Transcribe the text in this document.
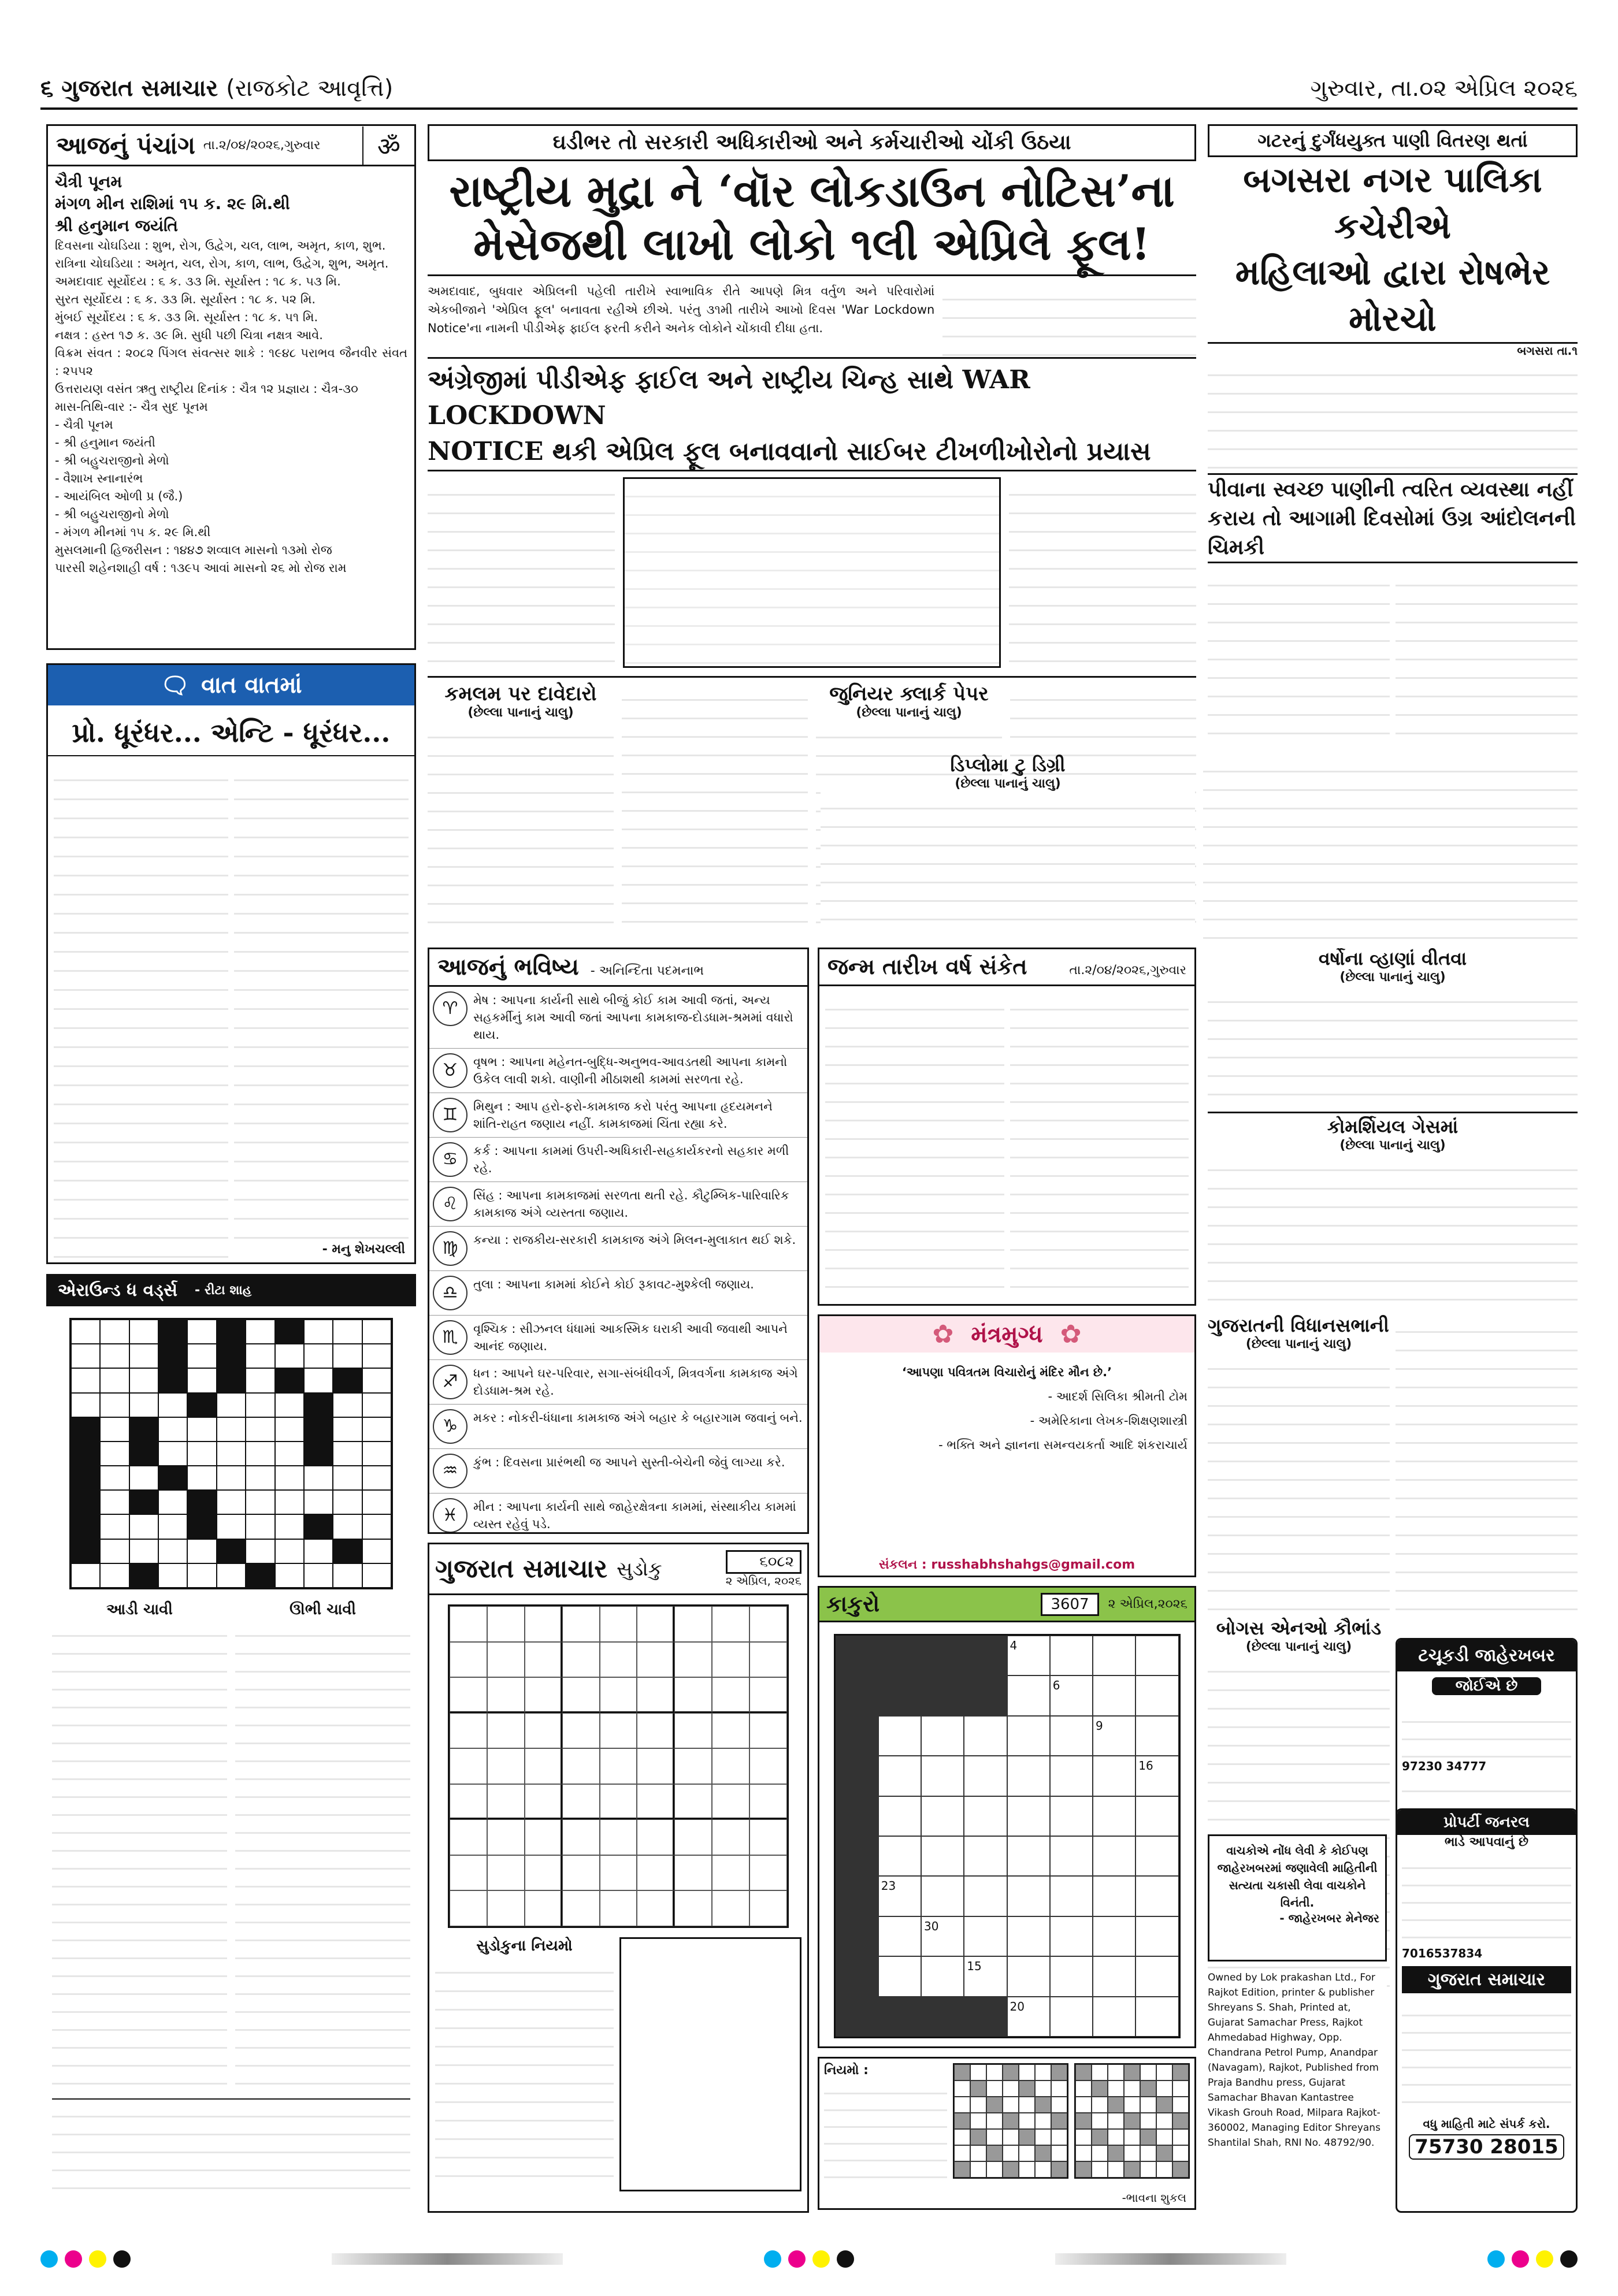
૬ ગુજરાત સમાચાર (રાજકોટ આવૃત્તિ)	ગુરુવાર, તા.૦૨ એપ્રિલ ૨૦૨૬
આજનું પંચાંગ તા.૨/૦૪/૨૦૨૬,ગુરુવાર	ॐ
ચૈત્રી પૂનમ
મંગળ મીન રાશિમાં ૧૫ ક. ૨૯ મિ.થી
શ્રી હનુમાન જયંતિ
દિવસના ચોઘડિયા : શુભ, રોગ, ઉદ્વેગ, ચલ, લાભ, અમૃત, કાળ, શુભ.
રાત્રિના ચોઘડિયા : અમૃત, ચલ, રોગ, કાળ, લાભ, ઉદ્વેગ, શુભ, અમૃત.
અમદાવાદ સૂર્યોદય : ૬ ક. ૩૩ મિ. સૂર્યાસ્ત : ૧૮ ક. ૫૩ મિ.
સુરત સૂર્યોદય : ૬ ક. ૩૩ મિ. સૂર્યાસ્ત : ૧૮ ક. ૫૨ મિ.
મુંબઈ સૂર્યોદય : ૬ ક. ૩૩ મિ. સૂર્યાસ્ત : ૧૮ ક. ૫૧ મિ.
નક્ષત્ર : હસ્ત ૧૭ ક. ૩૯ મિ. સુધી પછી ચિત્રા નક્ષત્ર આવે.
વિક્રમ સંવત : ૨૦૮૨ પિંગલ સંવત્સર શાકે : ૧૯૪૮ પરાભવ જૈનવીર સંવત : ૨૫૫૨
ઉત્તરાયણ વસંત ઋતુ રાષ્ટ્રીય દિનાંક : ચૈત્ર ૧૨ પ્રજ્ઞાય : ચૈત્ર-૩૦
માસ-તિથિ-વાર :- ચૈત્ર સુદ પૂનમ
- ચૈત્રી પૂનમ
- શ્રી હનુમાન જયંતી
- શ્રી બહુચરાજીનો મેળો
- વૈશાખ સ્નાનારંભ
- આયંબિલ ઓળી પ્ર (જૈ.)
- શ્રી બહુચરાજીનો મેળો
- મંગળ મીનમાં ૧૫ ક. ૨૯ મિ.થી
મુસલમાની હિજરીસન : ૧૪૪૭ શવ્વાલ માસનો ૧૩મો રોજ
પારસી શહેનશાહી વર્ષ : ૧૩૯૫ આવાં માસનો ૨૬ મો રોજ રામ
🗨 વાત વાતમાં
પ્રો. ધૂરંધર... એન્ટિ - ધૂરંધર...
- મનુ શેખચલ્લી
એરાઉન્ડ ધ વર્ડ્સ - રીટા શાહ
આડી ચાવી	ઊભી ચાવી
ઘડીભર તો સરકારી અધિકારીઓ અને કર્મચારીઓ ચોંકી ઉઠયા
રાષ્ટ્રીય મુદ્રા ને ‘વૉર લોકડાઉન નોટિસ’ના
મેસેજથી લાખો લોકો ૧લી એપ્રિલે ફૂલ!
અમદાવાદ, બુધવાર એપ્રિલની પહેલી તારીખે સ્વાભાવિક રીતે આપણે મિત્ર વર્તુળ અને પરિવારોમાં એકબીજાને 'એપ્રિલ ફૂલ' બનાવતા રહીએ છીએ. પરંતુ ૩૧મી તારીખે આખો દિવસ 'War Lockdown Notice'ના નામની પીડીએફ ફાઈલ ફરતી કરીને અનેક લોકોને ચોંકાવી દીધા હતા.
અંગ્રેજીમાં પીડીએફ ફાઈલ અને રાષ્ટ્રીય ચિન્હ સાથે WAR LOCKDOWN
NOTICE થકી એપ્રિલ ફૂલ બનાવવાનો સાઈબર ટીખળીખોરોનો પ્રયાસ
કમલમ પર દાવેદારો
(છેલ્લા પાનાનું ચાલુ)
જુનિયર ક્લાર્ક પેપર
(છેલ્લા પાનાનું ચાલુ)
આજનું ભવિષ્ય - અનિન્દિતા પદમનાભ
♈	મેષ : આપના કાર્યની સાથે બીજું કોઈ કામ આવી જતાં, અન્ય સહકર્મીનું કામ આવી જતાં આપના કામકાજ-દોડધામ-શ્રમમાં વધારો થાય.
♉	વૃષભ : આપના મહેનત-બુદ્ધિ-અનુભવ-આવડતથી આપના કામનો ઉકેલ લાવી શકો. વાણીની મીઠાશથી કામમાં સરળતા રહે.
♊	મિથુન : આપ હરો-ફરો-કામકાજ કરો પરંતુ આપના હૃદયમનને શાંતિ-રાહત જણાય નહીં. કામકાજમાં ચિંતા રહ્યા કરે.
♋	કર્ક : આપના કામમાં ઉપરી-અધિકારી-સહકાર્યકરનો સહકાર મળી રહે.
♌	સિંહ : આપના કામકાજમાં સરળતા થતી રહે. કૌટુમ્બિક-પારિવારિક કામકાજ અંગે વ્યસ્તતા જણાય.
♍	કન્યા : રાજકીય-સરકારી કામકાજ અંગે મિલન-મુલાકાત થઈ શકે.
♎	તુલા : આપના કામમાં કોઈને કોઈ રૂકાવટ-મુશ્કેલી જણાય.
♏	વૃશ્ચિક : સીઝનલ ધંધામાં આકસ્મિક ઘરાકી આવી જવાથી આપને આનંદ જણાય.
♐	ધન : આપને ઘર-પરિવાર, સગા-સંબંધીવર્ગ, મિત્રવર્ગના કામકાજ અંગે દોડધામ-શ્રમ રહે.
♑	મકર : નોકરી-ધંધાના કામકાજ અંગે બહાર કે બહારગામ જવાનું બને.
♒	કુંભ : દિવસના પ્રારંભથી જ આપને સુસ્તી-બેચેની જેવું લાગ્યા કરે.
♓	મીન : આપના કાર્યની સાથે જાહેરક્ષેત્રના કામમાં, સંસ્થાકીય કામમાં વ્યસ્ત રહેવું પડે.
ગુજરાત સમાચાર સુડોકુ	૬૦૮૨
૨ એપ્રિલ, ૨૦૨૬
સુડોકુના નિયમો
જન્મ તારીખ વર્ષ સંકેત	તા.૨/૦૪/૨૦૨૬,ગુરુવાર
✿ મંત્રમુગ્ધ ✿
‘આપણા પવિત્રતમ વિચારોનું મંદિર મૌન છે.’
- આદર્શ સિલિકા શ્રીમતી ટોમ
- અમેરિકાના લેખક-શિક્ષણશાસ્ત્રી
- ભક્તિ અને જ્ઞાનના સમન્વયકર્તા આદિ શંકરાચાર્ય
સંકલન : russhabhshahgs@gmail.com
કાકુરો	3607	૨ એપ્રિલ,૨૦૨૬
4
6
9
16
23
30
15
20
નિયમો :
-ભાવના શુકલ
ગટરનું દુર્ગંધયુક્ત પાણી વિતરણ થતાં
બગસરા નગર પાલિકા કચેરીએ
મહિલાઓ દ્વારા રોષભેર મોરચો
બગસરા તા.૧
પીવાના સ્વચ્છ પાણીની ત્વરિત વ્યવસ્થા નહીં કરાય તો આગામી દિવસોમાં ઉગ્ર આંદોલનની ચિમકી
ડિપ્લોમા ટુ ડિગ્રી
(છેલ્લા પાનાનું ચાલુ)
વર્ષોના વ્હાણાં વીતવા
(છેલ્લા પાનાનું ચાલુ)
કોમર્શિયલ ગેસમાં
(છેલ્લા પાનાનું ચાલુ)
ગુજરાતની વિધાનસભાની
(છેલ્લા પાનાનું ચાલુ)
બોગસ એનઓ કૌભાંડ
(છેલ્લા પાનાનું ચાલુ)	ટચૂકડી જાહેરખબર
જોઈએ છે
97230 34777
વાચકોએ નોંધ લેવી કે કોઈપણ જાહેરખબરમાં જણાવેલી માહિતીની સત્યતા ચકાસી લેવા વાચકોને વિનંતી.
- જાહેરખબર મેનેજર
Owned by Lok prakashan Ltd., For Rajkot Edition, printer & publisher Shreyans S. Shah, Printed at, Gujarat Samachar Press, Rajkot Ahmedabad Highway, Opp. Chandrana Petrol Pump, Anandpar (Navagam), Rajkot, Published from Praja Bandhu press, Gujarat Samachar Bhavan Kantastree Vikash Grouh Road, Milpara Rajkot-360002, Managing Editor Shreyans Shantilal Shah, RNI No. 48792/90.
પ્રોપર્ટી જનરલ
ભાડે આપવાનું છે
7016537834
ગુજરાત સમાચાર
વધુ માહિતી માટે સંપર્ક કરો.
75730 28015
